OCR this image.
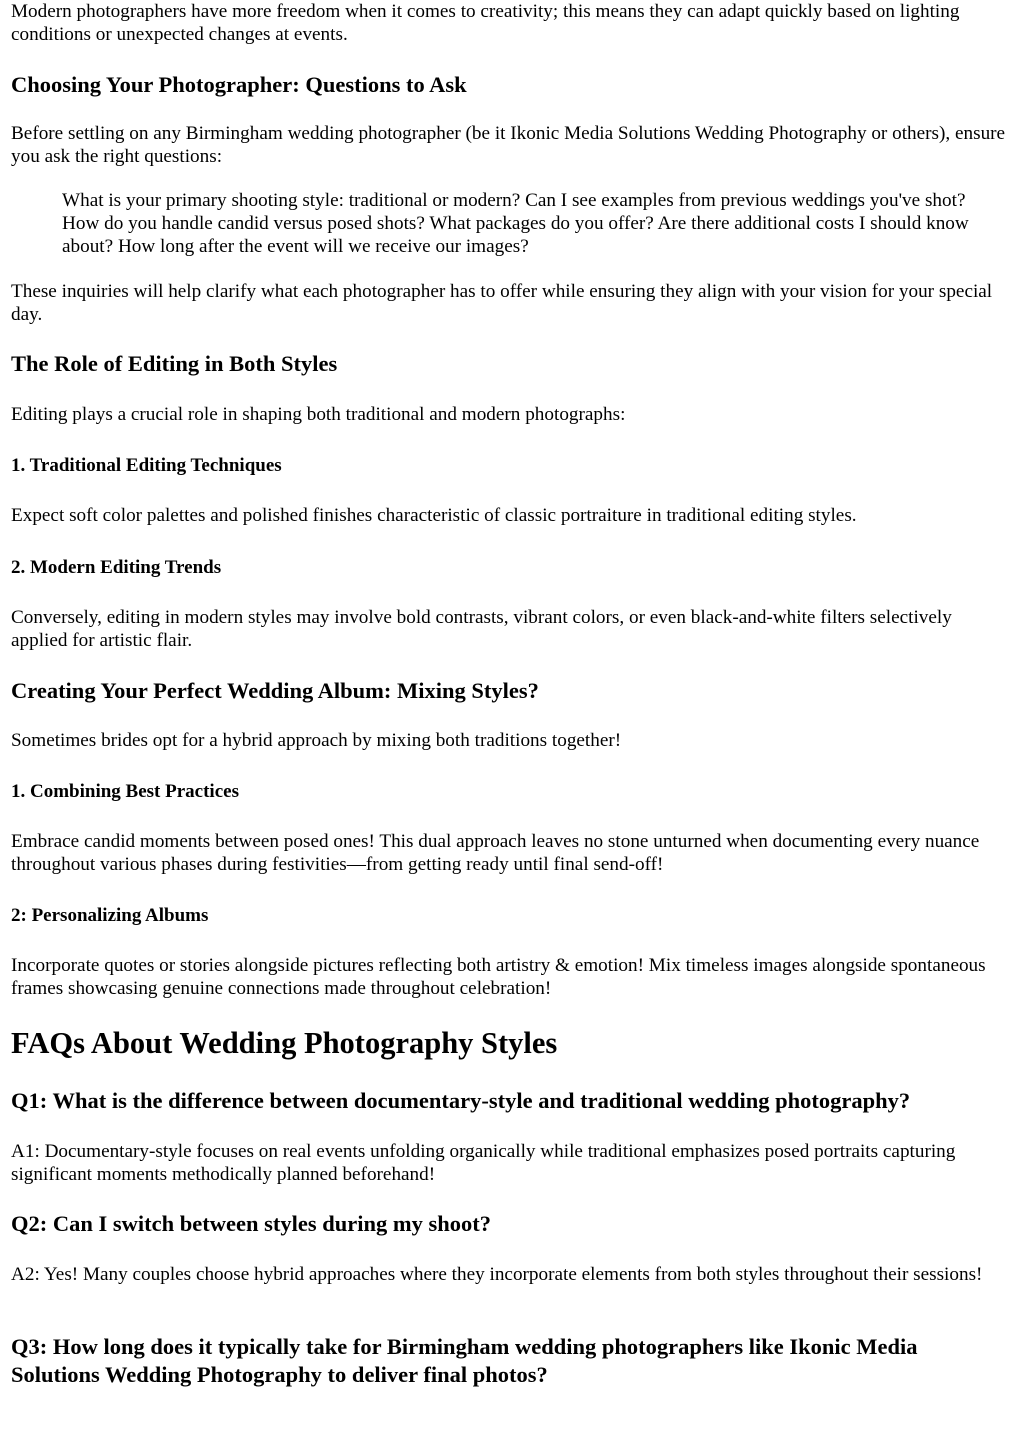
Modern photographers have more freedom when it comes to creativity; this means they can adapt quickly based on lighting conditions or unexpected changes at events.

Choosing Your Photographer: Questions to Ask

Before settling on any Birmingham wedding photographer (be it Ikonic Media Solutions Wedding Photography or others), ensure you ask the right questions:

What is your primary shooting style: traditional or modern? Can I see examples from previous weddings you've shot? How do you handle candid versus posed shots? What packages do you offer? Are there additional costs I should know about? How long after the event will we receive our images?

These inquiries will help clarify what each photographer has to offer while ensuring they align with your vision for your special day.

The Role of Editing in Both Styles

Editing plays a crucial role in shaping both traditional and modern photographs:

1. Traditional Editing Techniques

Expect soft color palettes and polished finishes characteristic of classic portraiture in traditional editing styles.

2. Modern Editing Trends

Conversely, editing in modern styles may involve bold contrasts, vibrant colors, or even black-and-white filters selectively applied for artistic flair.

Creating Your Perfect Wedding Album: Mixing Styles?

Sometimes brides opt for a hybrid approach by mixing both traditions together!

1. Combining Best Practices

Embrace candid moments between posed ones! This dual approach leaves no stone unturned when documenting every nuance throughout various phases during festivities—from getting ready until final send-off!

2: Personalizing Albums

Incorporate quotes or stories alongside pictures reflecting both artistry & emotion! Mix timeless images alongside spontaneous frames showcasing genuine connections made throughout celebration!

FAQs About Wedding Photography Styles
Q1: What is the difference between documentary-style and traditional wedding photography?

A1: Documentary-style focuses on real events unfolding organically while traditional emphasizes posed portraits capturing significant moments methodically planned beforehand!

Q2: Can I switch between styles during my shoot?

A2: Yes! Many couples choose hybrid approaches where they incorporate elements from both styles throughout their sessions!

Q3: How long does it typically take for Birmingham wedding photographers like Ikonic Media Solutions Wedding Photography to deliver final photos?
